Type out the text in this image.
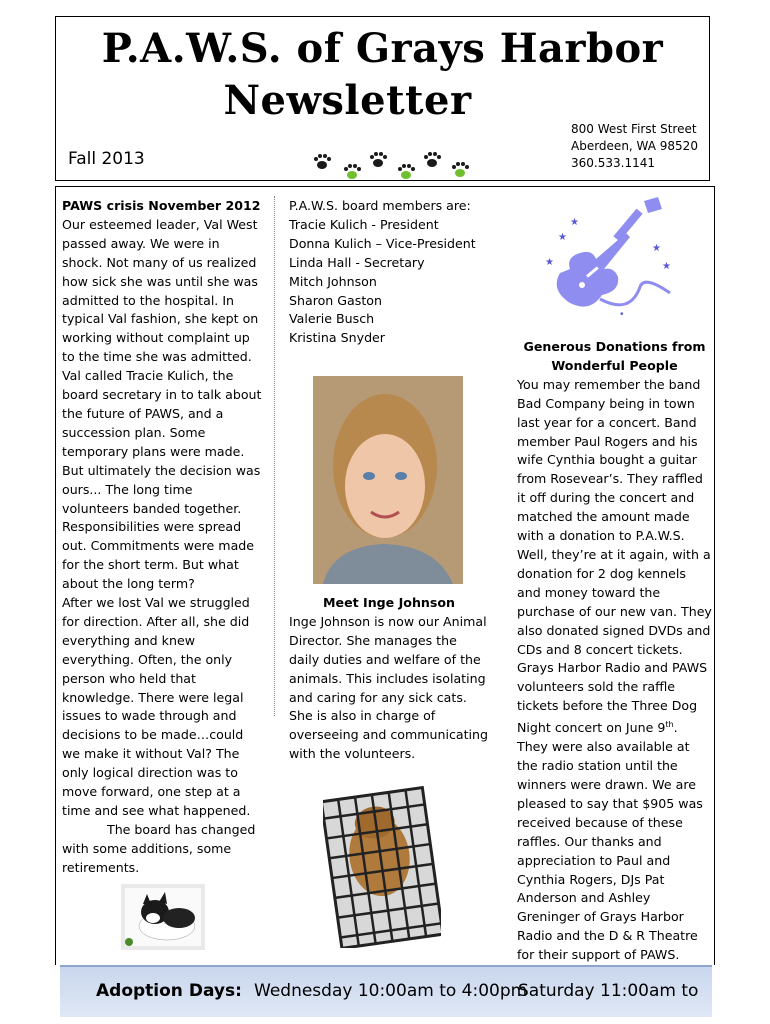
P.A.W.S. of Grays Harbor
Newsletter
Fall 2013
800 West First Street
Aberdeen, WA 98520
360.533.1141

PAWS crisis November 2012

Our esteemed leader, Val West passed away. We were in shock. Not many of us realized how sick she was until she was admitted to the hospital. In typical Val fashion, she kept on working without complaint up to the time she was admitted. Val called Tracie Kulich, the board secretary in to talk about the future of PAWS, and a succession plan. Some temporary plans were made. But ultimately the decision was ours... The long time volunteers banded together. Responsibilities were spread out. Commitments were made for the short term. But what about the long term?

After we lost Val we struggled for direction. After all, she did everything and knew everything. Often, the only person who held that knowledge. There were legal issues to wade through and decisions to be made…could we make it without Val? The only logical direction was to move forward, one step at a time and see what happened.

The board has changed

with some additions, some retirements.

P.A.W.S. board members are:

Tracie Kulich - President

Donna Kulich – Vice-President

Linda Hall - Secretary

Mitch Johnson

Sharon Gaston

Valerie Busch

Kristina Snyder

Meet Inge Johnson

Inge Johnson is now our Animal Director. She manages the daily duties and welfare of the animals. This includes isolating and caring for any sick cats. She is also in charge of overseeing and communicating with the volunteers.

★
★
★
★
★
•

Generous Donations from Wonderful People

You may remember the band Bad Company being in town last year for a concert. Band member Paul Rogers and his wife Cynthia bought a guitar from Rosevear’s. They raffled it off during the concert and matched the amount made with a donation to P.A.W.S. Well, they’re at it again, with a donation for 2 dog kennels and money toward the purchase of our new van. They also donated signed DVDs and CDs and 8 concert tickets. Grays Harbor Radio and PAWS volunteers sold the raffle tickets before the Three Dog Night concert on June 9th. They were also available at the radio station until the winners were drawn. We are pleased to say that $905 was received because of these raffles. Our thanks and appreciation to Paul and Cynthia Rogers, DJs Pat Anderson and Ashley Greninger of Grays Harbor Radio and the D & R Theatre for their support of PAWS.

Adoption Days: Wednesday 10:00am to 4:00pm
Saturday 11:00am to
